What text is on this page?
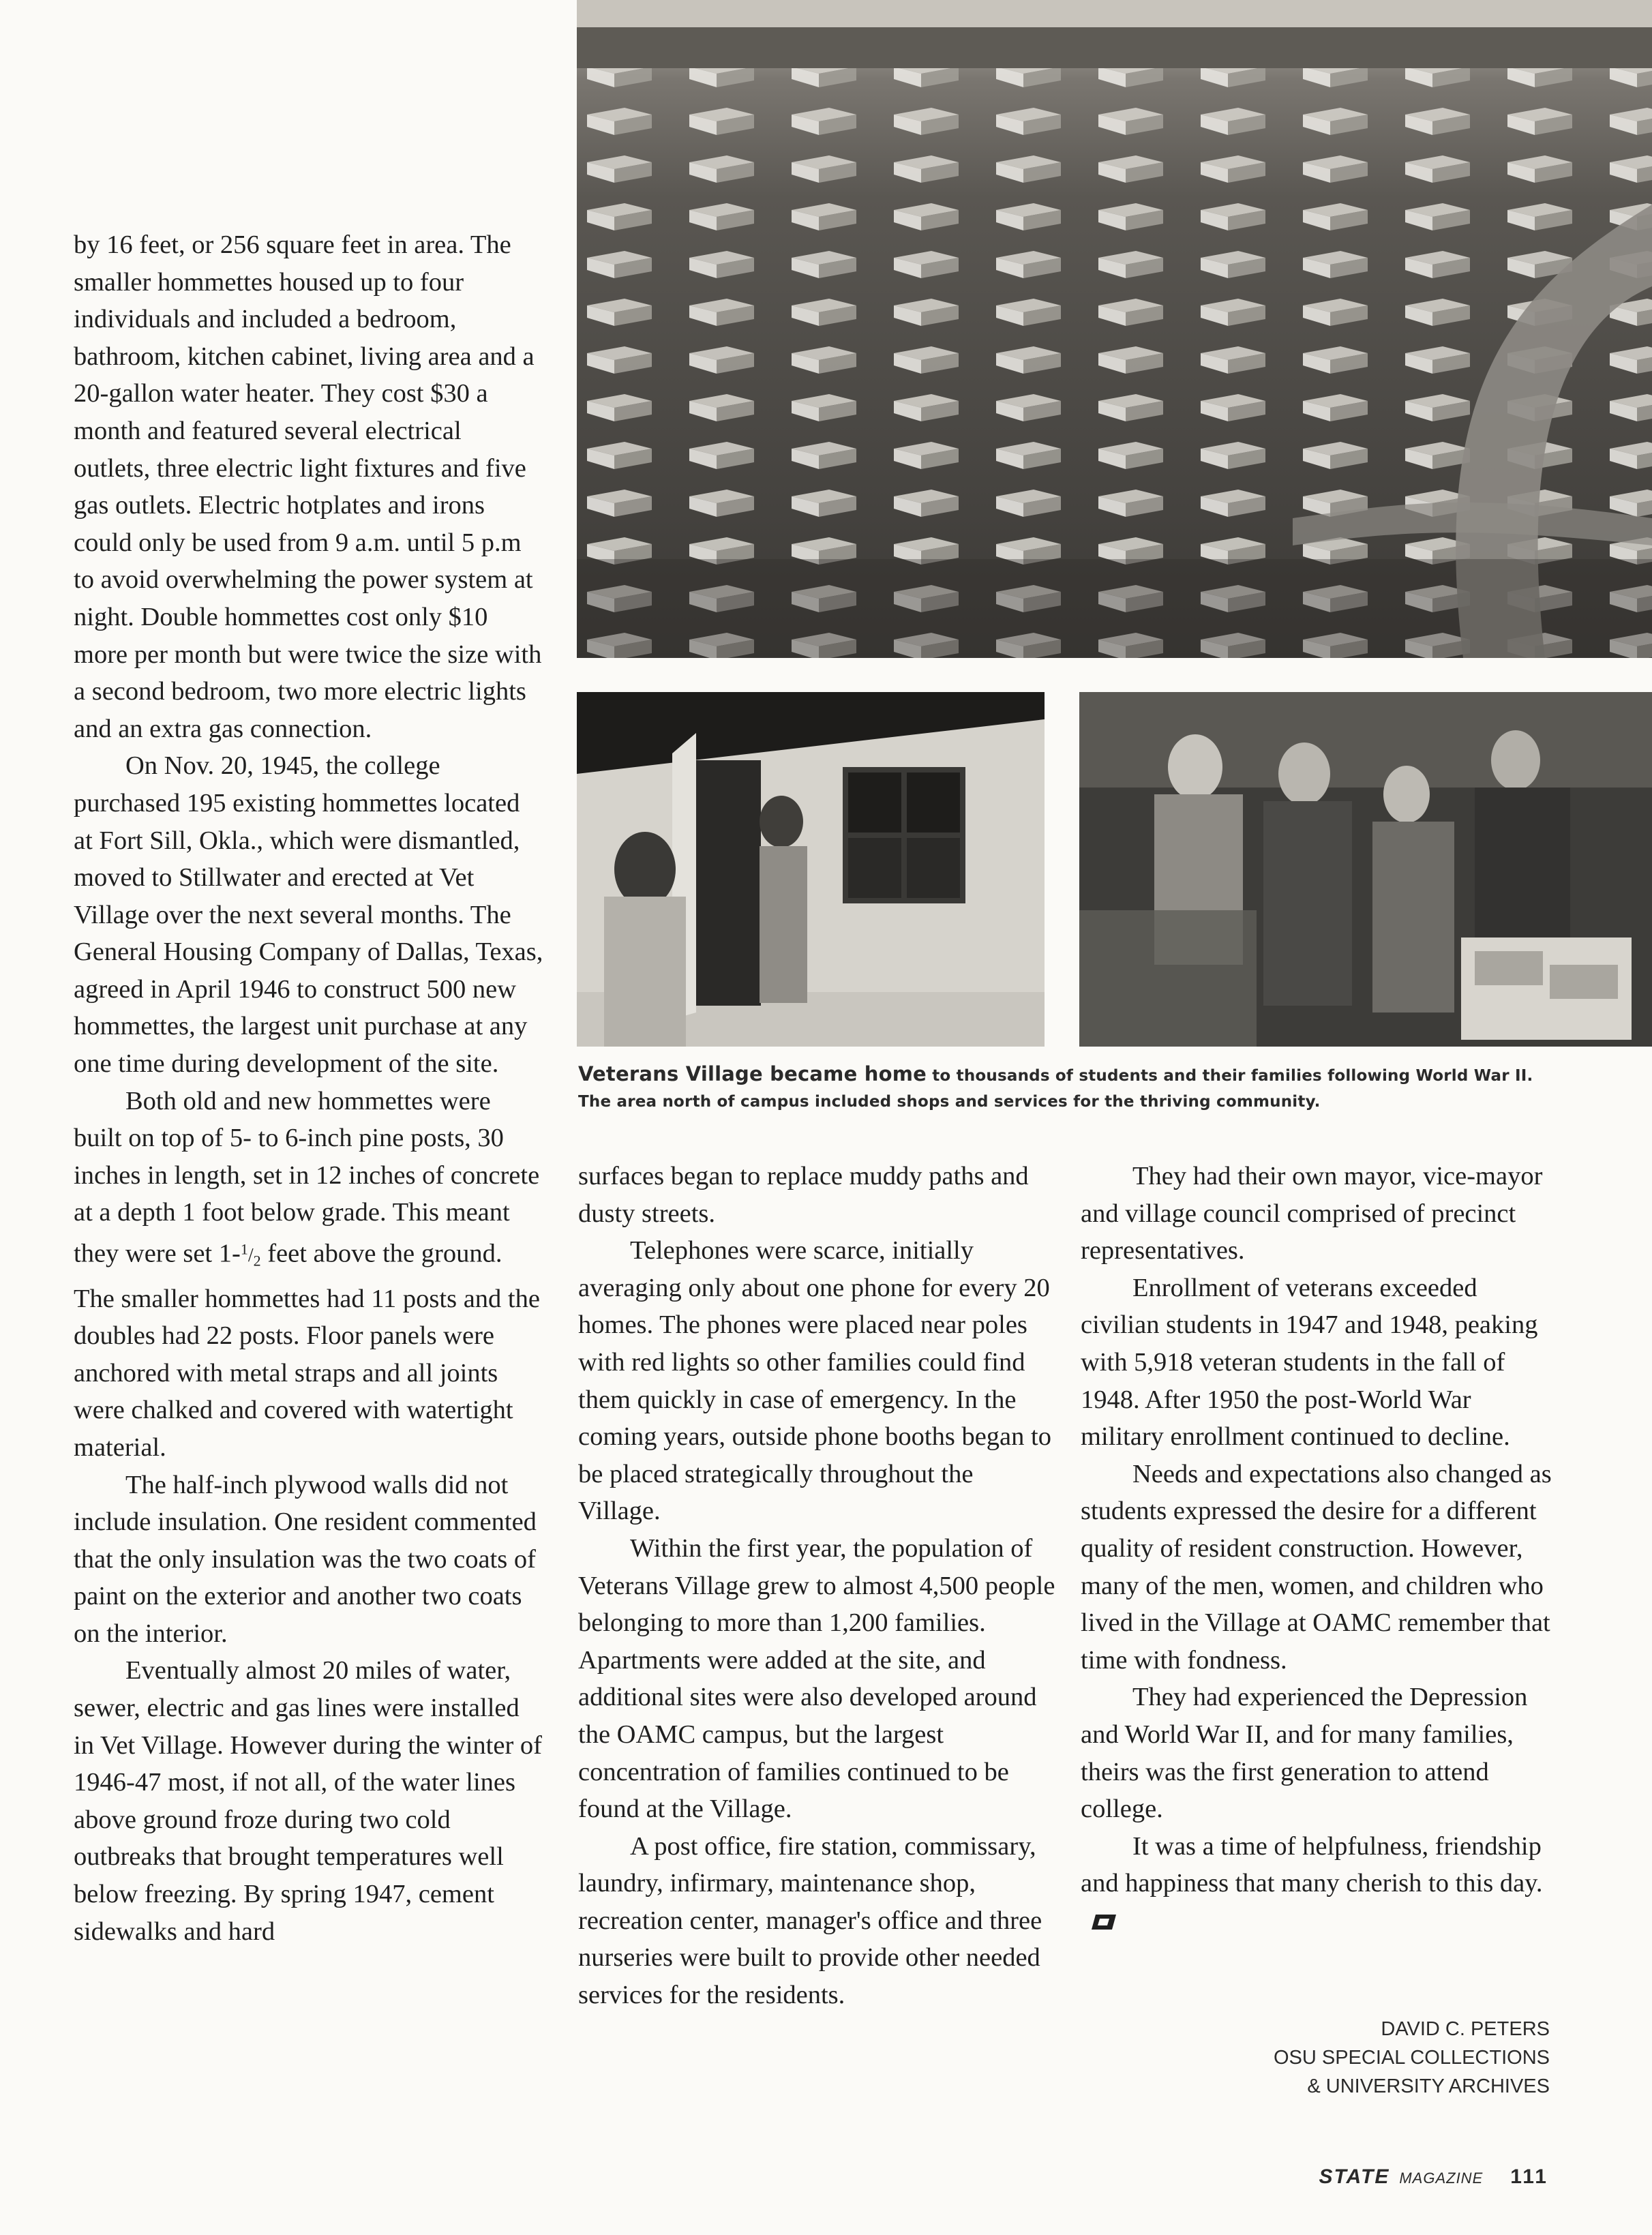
Veterans Village became home to thousands of students and their families following World War II. The area north of campus included shops and services for the thriving community.

by 16 feet, or 256 square feet in area. The smaller hommettes housed up to four individuals and included a bedroom, bathroom, kitchen cabinet, living area and a 20-gallon water heater. They cost $30 a month and featured several electrical outlets, three electric light fixtures and five gas outlets. Electric hotplates and irons could only be used from 9 a.m. until 5 p.m to avoid overwhelming the power system at night. Double hommettes cost only $10 more per month but were twice the size with a second bedroom, two more electric lights and an extra gas connection.

On Nov. 20, 1945, the college purchased 195 existing hommettes located at Fort Sill, Okla., which were dismantled, moved to Stillwater and erected at Vet Village over the next several months. The General Housing Company of Dallas, Texas, agreed in April 1946 to construct 500 new hommettes, the largest unit purchase at any one time during development of the site.

Both old and new hommettes were built on top of 5- to 6-inch pine posts, 30 inches in length, set in 12 inches of concrete at a depth 1 foot below grade. This meant they were set $1-^1/_2$ feet above the ground. The smaller hommettes had 11 posts and the doubles had 22 posts. Floor panels were anchored with metal straps and all joints were chalked and covered with watertight material.

The half-inch plywood walls did not include insulation. One resident commented that the only insulation was the two coats of paint on the exterior and another two coats on the interior.

Eventually almost 20 miles of water, sewer, electric and gas lines were installed in Vet Village. However during the winter of 1946-47 most, if not all, of the water lines above ground froze during two cold outbreaks that brought temperatures well below freezing. By spring 1947, cement sidewalks and hard

surfaces began to replace muddy paths and dusty streets.

Telephones were scarce, initially averaging only about one phone for every 20 homes. The phones were placed near poles with red lights so other families could find them quickly in case of emergency. In the coming years, outside phone booths began to be placed strategically throughout the Village.

Within the first year, the population of Veterans Village grew to almost 4,500 people belonging to more than 1,200 families. Apartments were added at the site, and additional sites were also developed around the OAMC campus, but the largest concentration of families continued to be found at the Village.

A post office, fire station, commissary, laundry, infirmary, maintenance shop, recreation center, manager's office and three nurseries were built to provide other needed services for the residents.

They had their own mayor, vice-mayor and village council comprised of precinct representatives.

Enrollment of veterans exceeded civilian students in 1947 and 1948, peaking with 5,918 veteran students in the fall of 1948. After 1950 the post-World War military enrollment continued to decline.

Needs and expectations also changed as students expressed the desire for a different quality of resident construction. However, many of the men, women, and children who lived in the Village at OAMC remember that time with fondness.

They had experienced the Depression and World War II, and for many families, theirs was the first generation to attend college.

It was a time of helpfulness, friendship and happiness that many cherish to this day.

DAVID C. PETERS
OSU SPECIAL COLLECTIONS
& UNIVERSITY ARCHIVES
STATE MAGAZINE 111
